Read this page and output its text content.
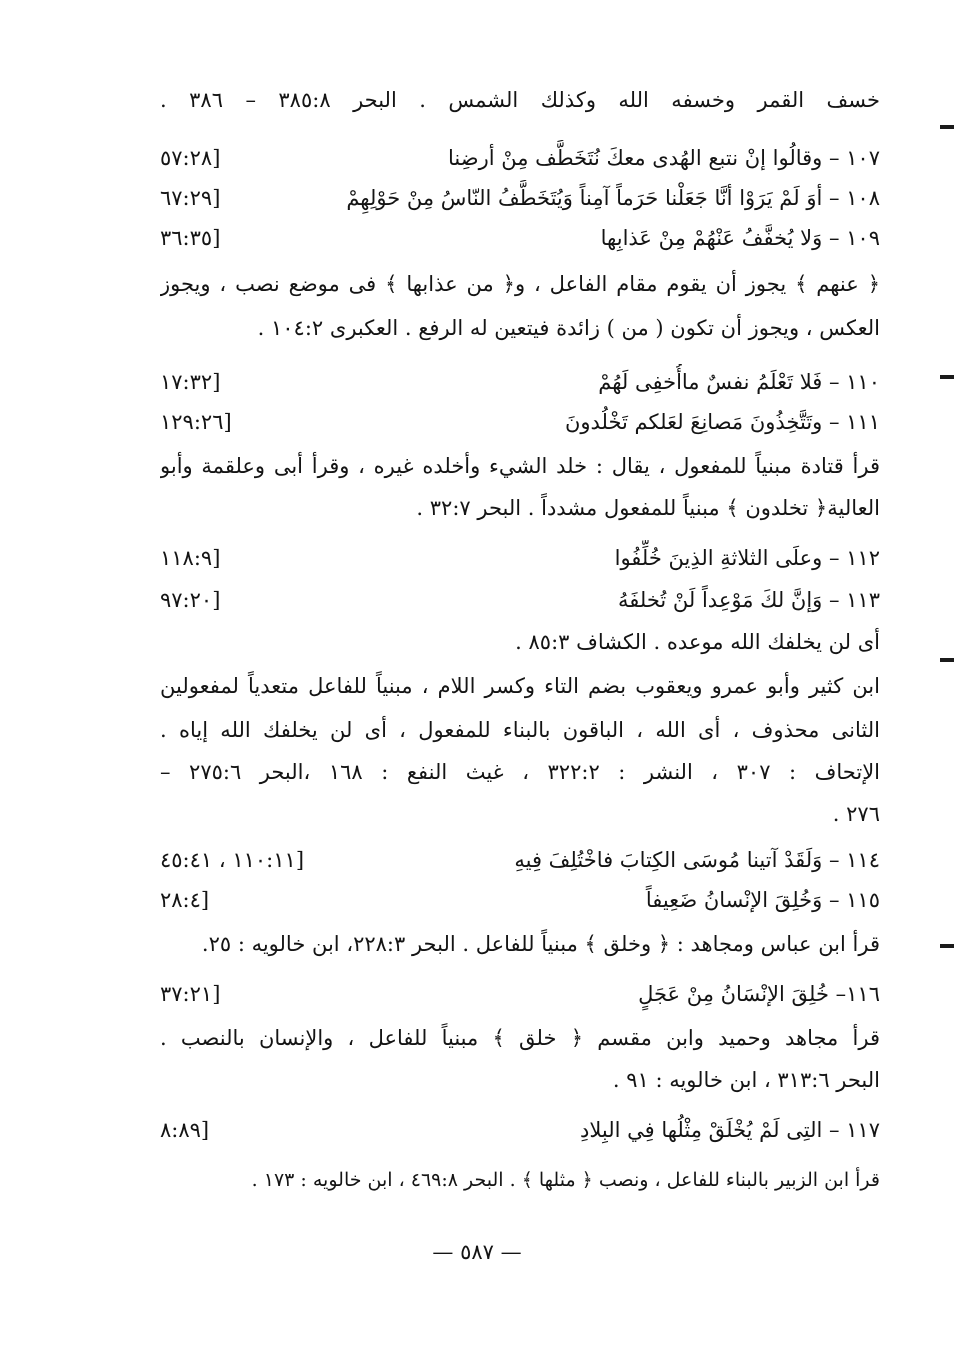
خسف القمر وخسفه الله وكذلك الشمس . البحر ٣٨٥:٨ – ٣٨٦ .
١٠٧ – وقالُوا إنْ نتبع الهُدى معكَ نُتَخَطَّف مِنْ أرضِنا
[٥٧:٢٨
١٠٨ – أوَ لَمْ يَرَوْا أنَّا جَعَلْنا حَرَماً آمِناً وَيُتَخَطَّفُ النّاسُ مِنْ حَوْلِهِمْ
[٦٧:٢٩
١٠٩ – وَلا يُخفَّفُ عَنْهُمْ مِنْ عَذابِها
[٣٦:٣٥
﴿ عنهم ﴾ يجوز أن يقوم مقام الفاعل ، و﴿ من عذابها ﴾ فى موضع نصب ، ويجوز
العكس ، ويجوز أن تكون ( من ) زائدة فيتعين له الرفع . العكبرى ١٠٤:٢ .
١١٠ – فَلا تَعْلَمُ نفسٌ ماأُخفِى لَهُمْ
[١٧:٣٢
١١١ – وتَتَّخِذُونَ مَصانِعَ لعَلكم تَخْلُدونَ
[١٢٩:٢٦
قرأ قتادة مبنياً للمفعول ، يقال : خلد الشيء وأخلده غيره ، وقرأ أبى وعلقمة وأبو
العالية﴿ تخلدون ﴾ مبنياً للمفعول مشدداً . البحر ٣٢:٧ .
١١٢ – وعلَى الثلاثةِ الذِينَ خُلِّفُوا
[١١٨:٩
١١٣ – وَإنَّ لكَ مَوْعِداً لَنْ تُخلفَهُ
[٩٧:٢٠
أى لن يخلفك الله موعده . الكشاف ٨٥:٣ .
ابن كثير وأبو عمرو ويعقوب بضم التاء وكسر اللام ، مبنياً للفاعل متعدياً لمفعولين
الثانى محذوف ، أى الله ، الباقون بالبناء للمفعول ، أى لن يخلفك الله إياه .
الإتحاف : ٣٠٧ ، النشر : ٣٢٢:٢ ، غيث النفع : ١٦٨ ،البحر ٢٧٥:٦ –
٢٧٦ .
١١٤ – وَلَقَدْ آتينا مُوسَى الكِتابَ فاخْتُلِفَ فِيهِ
[١١٠:١١ ، ٤٥:٤١
١١٥ – وَخُلِقَ الإنْسانُ ضَعِيفاً
[٢٨:٤
قرأ ابن عباس ومجاهد : ﴿ وخلق ﴾ مبنياً للفاعل . البحر ٢٢٨:٣، ابن خالويه : ٢٥.
١١٦– خُلِقَ الإنْسَانُ مِنْ عَجَلٍ
[٣٧:٢١
قرأ مجاهد وحميد وابن مقسم ﴿ خلق ﴾ مبنياً للفاعل ، والإنسان بالنصب .
البحر ٣١٣:٦ ، ابن خالويه : ٩١ .
١١٧ – التِى لَمْ يُخْلَقْ مِثْلُها فِي البِلادِ
[٨:٨٩
قرأ ابن الزبير بالبناء للفاعل ، ونصب ﴿ مثلها ﴾ . البحر ٤٦٩:٨ ، ابن خالويه : ١٧٣ .
— ٥٨٧ —
